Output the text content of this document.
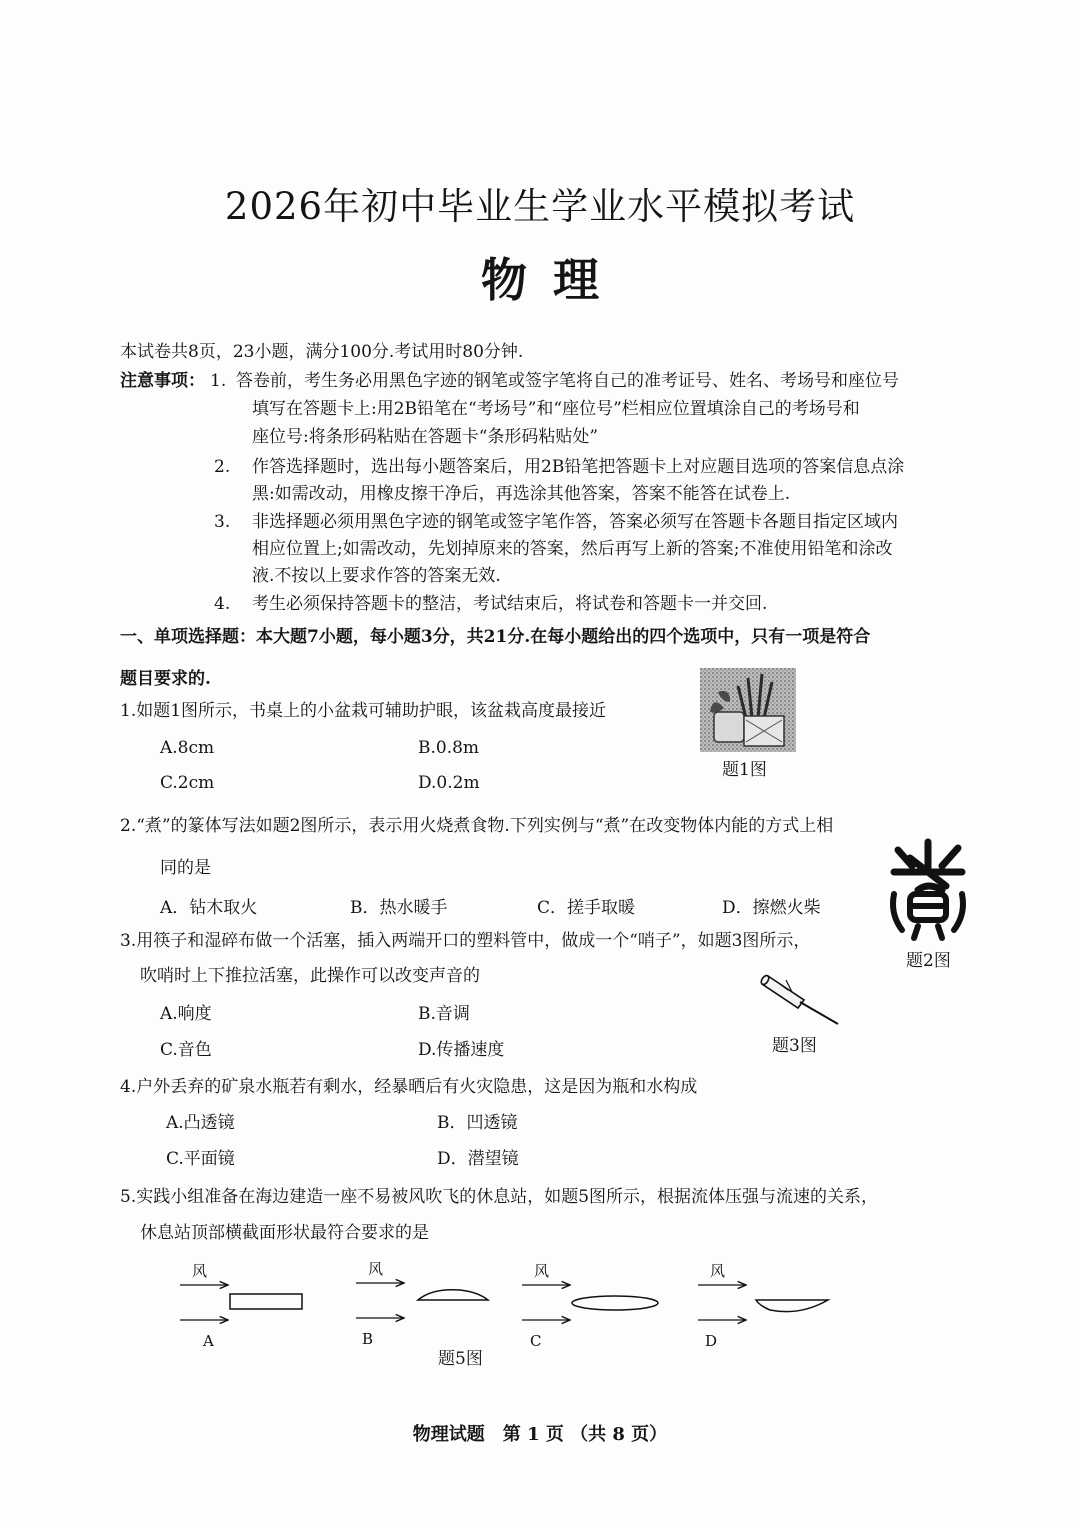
2026年初中毕业生学业水平模拟考试
物理
本试卷共8页，23小题，满分100分.考试用时80分钟.
注意事项： 1. 答卷前，考生务必用黑色字迹的钢笔或签字笔将自己的准考证号、姓名、考场号和座位号
填写在答题卡上:用2B铅笔在“考场号”和“座位号”栏相应位置填涂自己的考场号和
座位号:将条形码粘贴在答题卡“条形码粘贴处”
2. 作答选择题时，选出每小题答案后，用2B铅笔把答题卡上对应题目选项的答案信息点涂
黑:如需改动，用橡皮擦干净后，再选涂其他答案，答案不能答在试卷上.
3. 非选择题必须用黑色字迹的钢笔或签字笔作答，答案必须写在答题卡各题目指定区域内
相应位置上;如需改动，先划掉原来的答案，然后再写上新的答案;不准使用铅笔和涂改
液.不按以上要求作答的答案无效.
4. 考生必须保持答题卡的整洁，考试结束后，将试卷和答题卡一并交回.
一、单项选择题：本大题7小题，每小题3分，共21分.在每小题给出的四个选项中，只有一项是符合
题目要求的.
1.如题1图所示，书桌上的小盆栽可辅助护眼，该盆栽高度最接近
A.8cm	B.0.8m
C.2cm	D.0.2m
题1图
2.“煮”的篆体写法如题2图所示，表示用火烧煮食物.下列实例与“煮”在改变物体内能的方式上相
同的是
A．钻木取火	B．热水暖手	C．搓手取暖	D．擦燃火柴
题2图
3.用筷子和湿碎布做一个活塞，插入两端开口的塑料管中，做成一个“哨子”，如题3图所示，
吹哨时上下推拉活塞，此操作可以改变声音的
A.响度	B.音调
C.音色	D.传播速度	题3图
4.户外丢弃的矿泉水瓶若有剩水，经暴晒后有火灾隐患，这是因为瓶和水构成
A.凸透镜	B．凹透镜
C.平面镜	D．潜望镜
5.实践小组准备在海边建造一座不易被风吹飞的休息站，如题5图所示，根据流体压强与流速的关系，
休息站顶部横截面形状最符合要求的是
风
A
风
B
风
C
风
D
题5图
物理试题　第 1 页 （共 8 页）
